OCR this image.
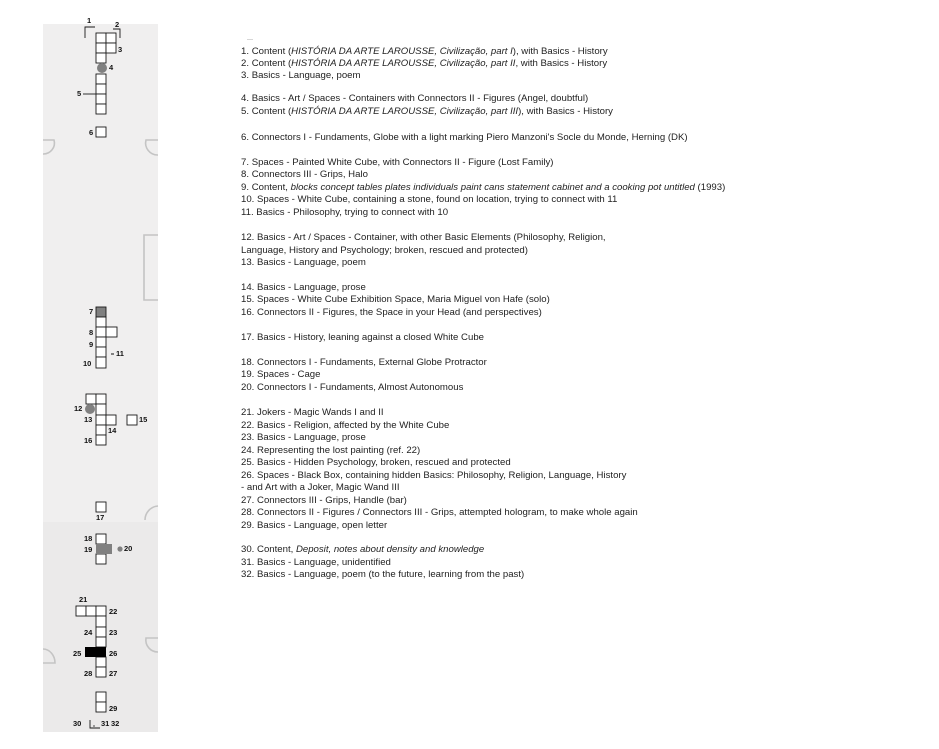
1	2
3
4
5
6
7
8
9
10
11
12
13
14
15
16
17
18
19	20
21
22
23
24
25	26
27
28
29
30	31 32
1. Content (HISTÓRIA DA ARTE LAROUSSE, Civilização, part I), with Basics - History
2. Content (HISTÓRIA DA ARTE LAROUSSE, Civilização, part II, with Basics - History
3. Basics - Language, poem
4. Basics - Art / Spaces - Containers with Connectors II - Figures (Angel, doubtful)
5. Content (HISTÓRIA DA ARTE LAROUSSE, Civilização, part III), with Basics - History
6. Connectors I - Fundaments, Globe with a light marking Piero Manzoni's Socle du Monde, Herning (DK)
7. Spaces - Painted White Cube, with Connectors II - Figure (Lost Family)
8. Connectors III - Grips, Halo
9. Content, blocks concept tables plates individuals paint cans statement cabinet and a cooking pot untitled (1993)
10. Spaces - White Cube, containing a stone, found on location, trying to connect with 11
11. Basics - Philosophy, trying to connect with 10
12. Basics - Art / Spaces - Container, with other Basic Elements (Philosophy, Religion,
Language, History and Psychology; broken, rescued and protected)
13. Basics - Language, poem
14. Basics - Language, prose
15. Spaces - White Cube Exhibition Space, Maria Miguel von Hafe (solo)
16. Connectors II - Figures, the Space in your Head (and perspectives)
17. Basics - History, leaning against a closed White Cube
18. Connectors I - Fundaments, External Globe Protractor
19. Spaces - Cage
20. Connectors I - Fundaments, Almost Autonomous
21. Jokers - Magic Wands I and II
22. Basics - Religion, affected by the White Cube
23. Basics - Language, prose
24. Representing the lost painting (ref. 22)
25. Basics - Hidden Psychology, broken, rescued and protected
26. Spaces - Black Box, containing hidden Basics: Philosophy, Religion, Language, History
- and Art with a Joker, Magic Wand III
27. Connectors III - Grips, Handle (bar)
28. Connectors II - Figures / Connectors III - Grips, attempted hologram, to make whole again
29. Basics - Language, open letter
30. Content, Deposit, notes about density and knowledge
31. Basics - Language, unidentified
32. Basics - Language, poem (to the future, learning from the past)
